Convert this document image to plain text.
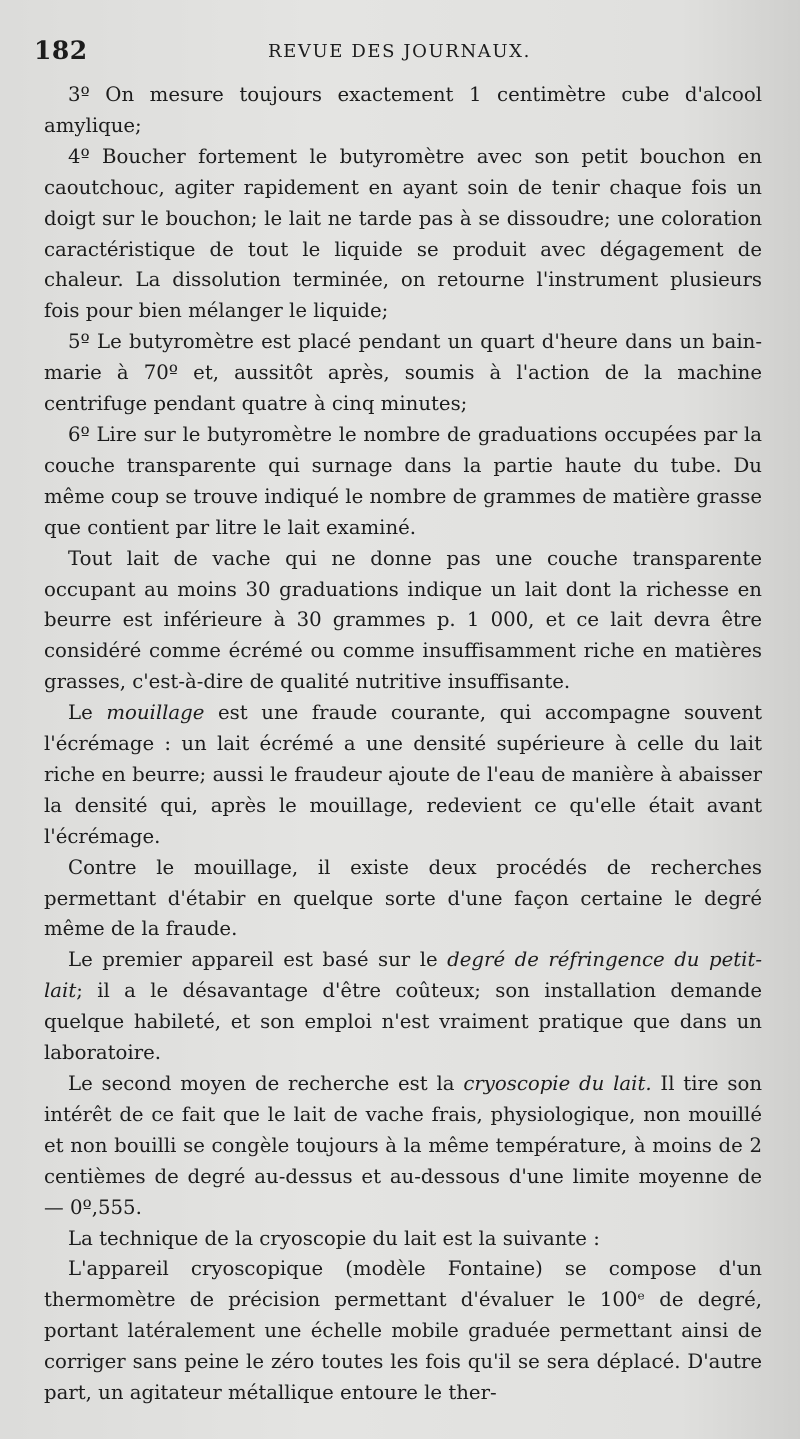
182	REVUE DES JOURNAUX.

3º On mesure toujours exactement 1 centimètre cube d'alcool amylique;

4º Boucher fortement le butyromètre avec son petit bouchon en caoutchouc, agiter rapidement en ayant soin de tenir chaque fois un doigt sur le bouchon; le lait ne tarde pas à se dissoudre; une coloration caractéristique de tout le liquide se produit avec dégagement de chaleur. La dissolution terminée, on retourne l'instrument plusieurs fois pour bien mélanger le liquide;

5º Le butyromètre est placé pendant un quart d'heure dans un bain-marie à 70º et, aussitôt après, soumis à l'action de la machine centrifuge pendant quatre à cinq minutes;

6º Lire sur le butyromètre le nombre de graduations occupées par la couche transparente qui surnage dans la partie haute du tube. Du même coup se trouve indiqué le nombre de grammes de matière grasse que contient par litre le lait examiné.

Tout lait de vache qui ne donne pas une couche transparente occupant au moins 30 graduations indique un lait dont la richesse en beurre est inférieure à 30 grammes p. 1 000, et ce lait devra être considéré comme écrémé ou comme insuffisamment riche en matières grasses, c'est-à-dire de qualité nutritive insuffisante.

Le mouillage est une fraude courante, qui accompagne souvent l'écrémage : un lait écrémé a une densité supérieure à celle du lait riche en beurre; aussi le fraudeur ajoute de l'eau de manière à abaisser la densité qui, après le mouillage, redevient ce qu'elle était avant l'écrémage.

Contre le mouillage, il existe deux procédés de recherches permettant d'étabir en quelque sorte d'une façon certaine le degré même de la fraude.

Le premier appareil est basé sur le degré de réfringence du petit-lait; il a le désavantage d'être coûteux; son installation demande quelque habileté, et son emploi n'est vraiment pratique que dans un laboratoire.

Le second moyen de recherche est la cryoscopie du lait. Il tire son intérêt de ce fait que le lait de vache frais, physiologique, non mouillé et non bouilli se congèle toujours à la même température, à moins de 2 centièmes de degré au-dessus et au-dessous d'une limite moyenne de — 0º,555.

La technique de la cryoscopie du lait est la suivante :

L'appareil cryoscopique (modèle Fontaine) se compose d'un thermomètre de précision permettant d'évaluer le 100ᵉ de degré, portant latéralement une échelle mobile graduée permettant ainsi de corriger sans peine le zéro toutes les fois qu'il se sera déplacé. D'autre part, un agitateur métallique entoure le ther-
